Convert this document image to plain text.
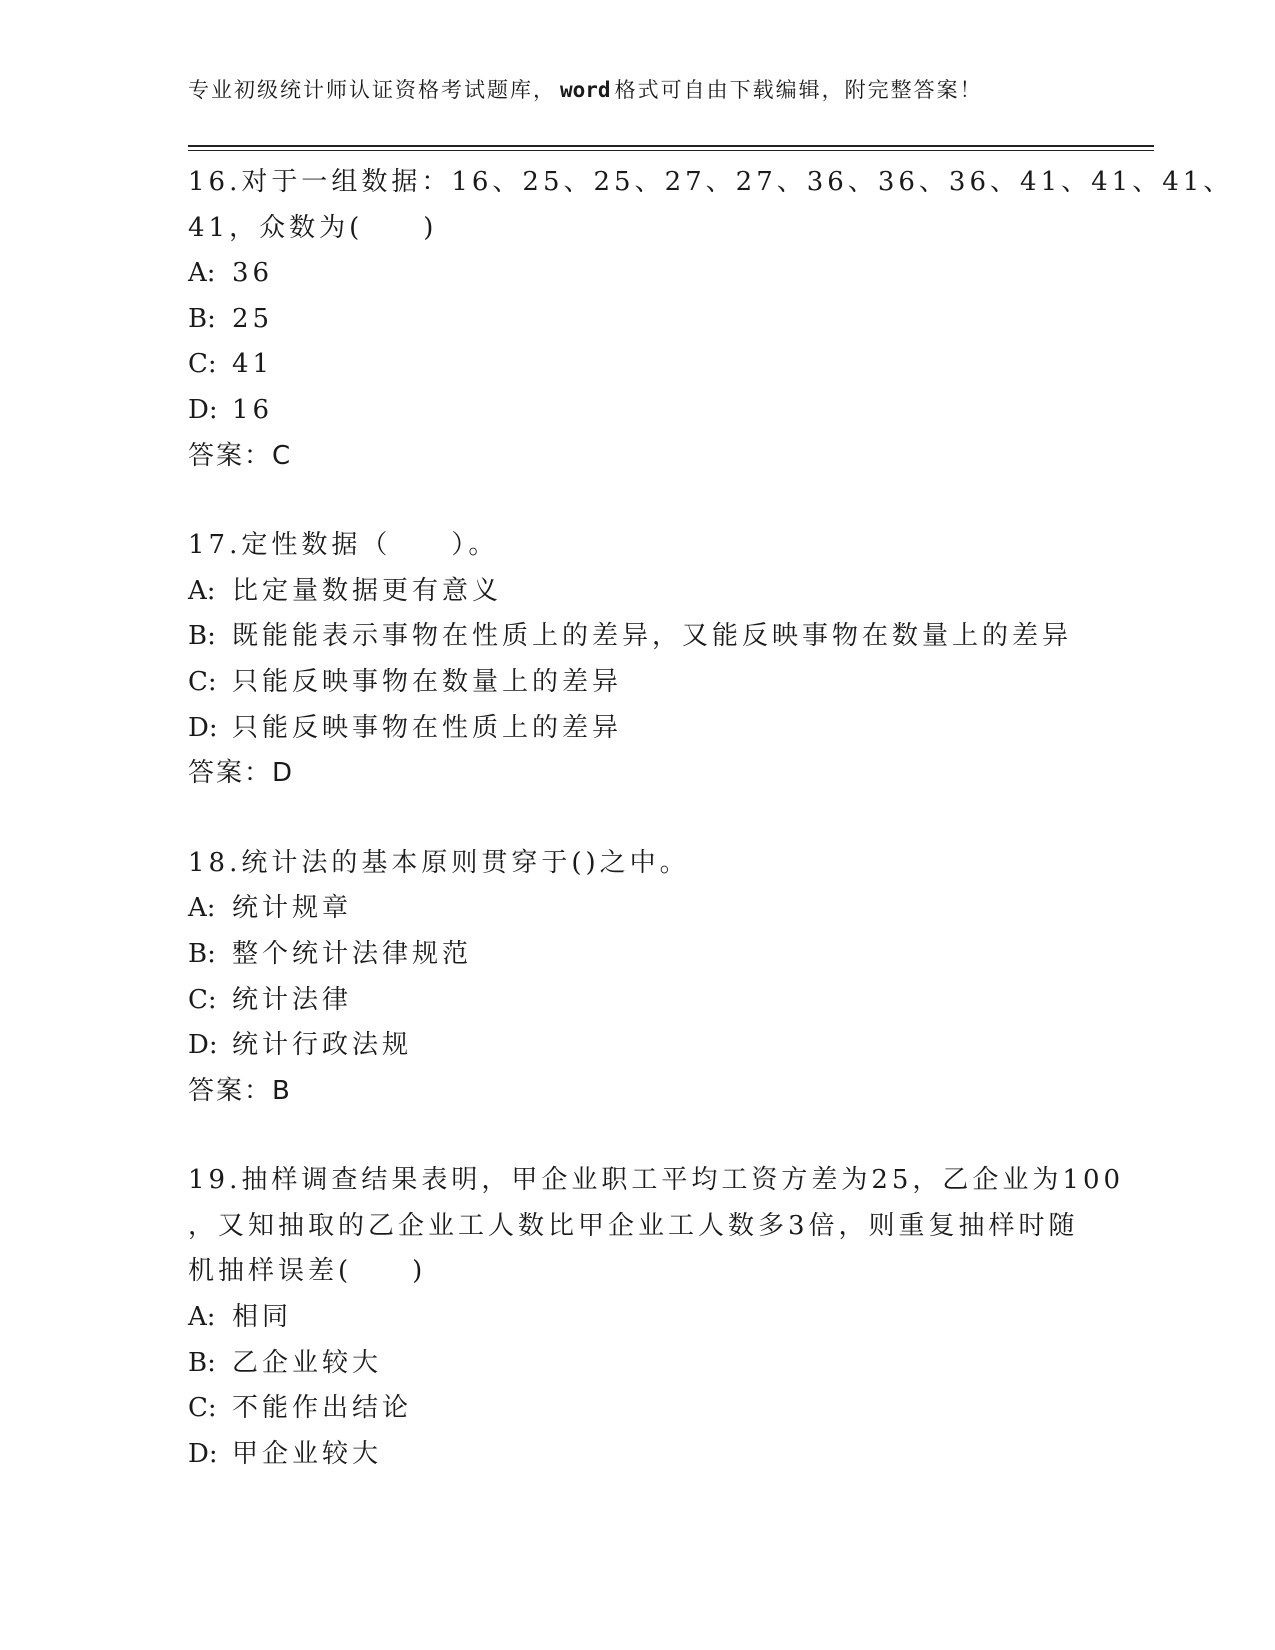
专业初级统计师认证资格考试题库， word 格式可自由下载编辑，附完整答案！
16.对于一组数据：16、25、25、27、27、36、36、36、41、41、41、
41，众数为(　　)
A: 36
B: 25
C: 41
D: 16
答案：C
17.定性数据（　　）。
A: 比定量数据更有意义
B: 既能能表示事物在性质上的差异，又能反映事物在数量上的差异
C: 只能反映事物在数量上的差异
D: 只能反映事物在性质上的差异
答案：D
18.统计法的基本原则贯穿于()之中。
A: 统计规章
B: 整个统计法律规范
C: 统计法律
D: 统计行政法规
答案：B
19.抽样调查结果表明，甲企业职工平均工资方差为25，乙企业为100
，又知抽取的乙企业工人数比甲企业工人数多3倍，则重复抽样时随
机抽样误差(　　)
A: 相同
B: 乙企业较大
C: 不能作出结论
D: 甲企业较大
